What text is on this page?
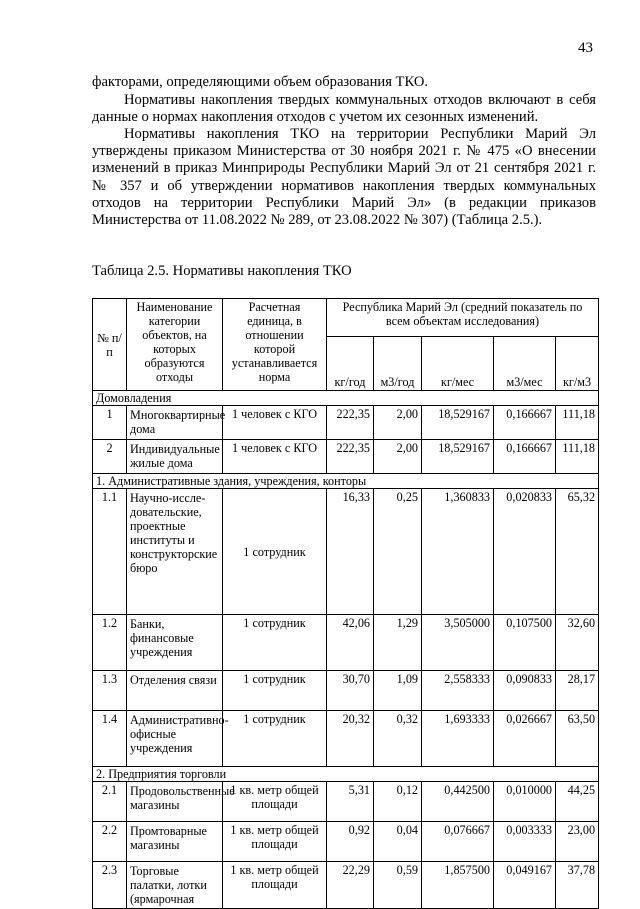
43

факторами, определяющими объем образования ТКО.

Нормативы накопления твердых коммунальных отходов включают в себя данные о нормах накопления отходов с учетом их сезонных изменений.

Нормативы накопления ТКО на территории Республики Марий Эл утверждены приказом Министерства от 30 ноября 2021 г. № 475 «О внесении изменений в приказ Минприроды Республики Марий Эл от 21 сентября 2021 г. № 357 и об утверждении нормативов накопления твердых коммунальных отходов на территории Республики Марий Эл» (в редакции приказов Министерства от 11.08.2022 № 289, от 23.08.2022 № 307) (Таблица 2.5.).

Таблица 2.5. Нормативы накопления ТКО
№ п/п	Наименование категории объектов, на которых образуются отходы	Расчетная единица, в отношении которой устанавливается норма	Республика Марий Эл (средний показатель по всем объектам исследования)				
			кг/год	м3/год	кг/мес	м3/мес	кг/м3
Домовладения							
1	Многоквартирные дома	1 человек с КГО	222,35	2,00	18,529167	0,166667	111,18
2	Индивидуальные жилые дома	1 человек с КГО	222,35	2,00	18,529167	0,166667	111,18
1. Административные здания, учреждения, конторы							
1.1	Научно-иссле-довательские, проектные институты и конструкторские бюро	1 сотрудник	16,33	0,25	1,360833	0,020833	65,32
1.2	Банки, финансовые учреждения	1 сотрудник	42,06	1,29	3,505000	0,107500	32,60
1.3	Отделения связи	1 сотрудник	30,70	1,09	2,558333	0,090833	28,17
1.4	Административно-офисные учреждения	1 сотрудник	20,32	0,32	1,693333	0,026667	63,50
2. Предприятия торговли							
2.1	Продовольственные магазины	1 кв. метр общей площади	5,31	0,12	0,442500	0,010000	44,25
2.2	Промтоварные магазины	1 кв. метр общей площади	0,92	0,04	0,076667	0,003333	23,00
2.3	Торговые палатки, лотки (ярмарочная	1 кв. метр общей площади	22,29	0,59	1,857500	0,049167	37,78
